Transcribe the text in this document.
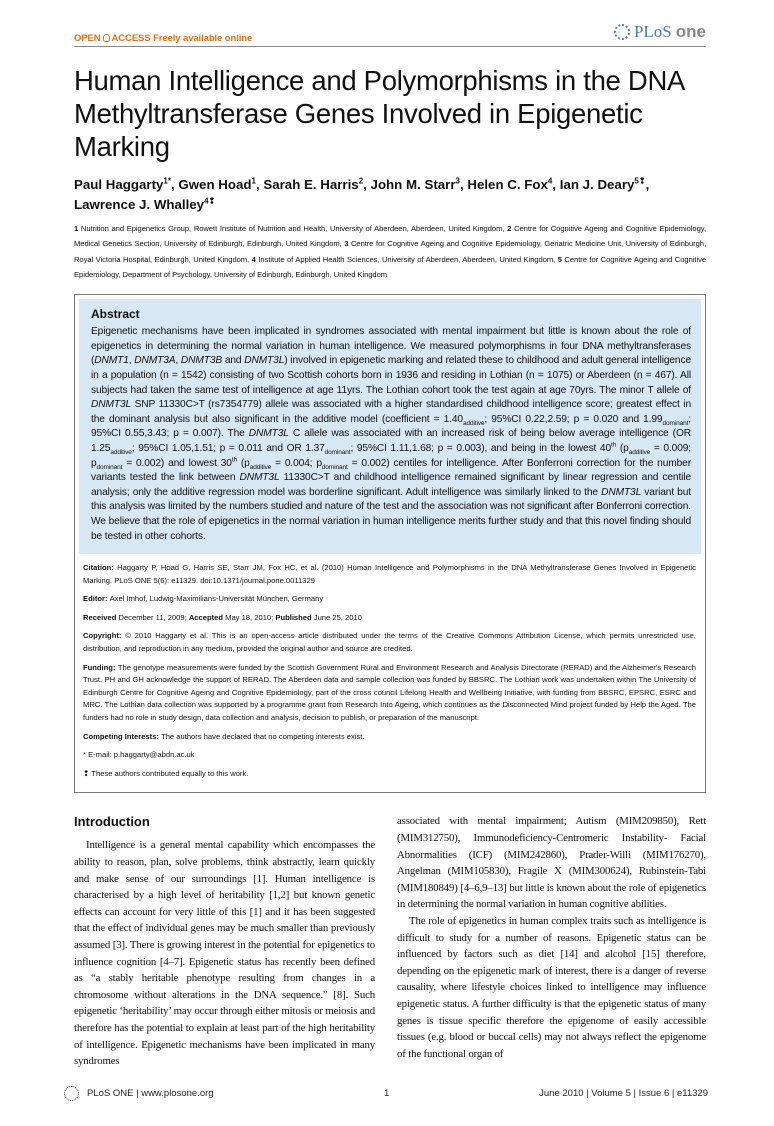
OPEN ACCESS Freely available online	PLoS one
Human Intelligence and Polymorphisms in the DNA Methyltransferase Genes Involved in Epigenetic Marking
Paul Haggarty$^{1*}$, Gwen Hoad$^1$, Sarah E. Harris$^2$, John M. Starr$^3$, Helen C. Fox$^4$, Ian J. Deary$^{5❢}$, Lawrence J. Whalley$^{4❢}$
1 Nutrition and Epigenetics Group, Rowett Institute of Nutrition and Health, University of Aberdeen, Aberdeen, United Kingdom, 2 Centre for Cognitive Ageing and Cognitive Epidemiology, Medical Genetics Section, University of Edinburgh, Edinburgh, United Kingdom, 3 Centre for Cognitive Ageing and Cognitive Epidemiology, Geriatric Medicine Unit, University of Edinburgh, Royal Victoria Hospital, Edinburgh, United Kingdom, 4 Institute of Applied Health Sciences, University of Aberdeen, Aberdeen, United Kingdom, 5 Centre for Cognitive Ageing and Cognitive Epidemiology, Department of Psychology, University of Edinburgh, Edinburgh, United Kingdom
Abstract
Epigenetic mechanisms have been implicated in syndromes associated with mental impairment but little is known about the role of epigenetics in determining the normal variation in human intelligence. We measured polymorphisms in four DNA methyltransferases (DNMT1, DNMT3A, DNMT3B and DNMT3L) involved in epigenetic marking and related these to childhood and adult general intelligence in a population (n = 1542) consisting of two Scottish cohorts born in 1936 and residing in Lothian (n = 1075) or Aberdeen (n = 467). All subjects had taken the same test of intelligence at age 11yrs. The Lothian cohort took the test again at age 70yrs. The minor T allele of DNMT3L SNP 11330C>T (rs7354779) allele was associated with a higher standardised childhood intelligence score; greatest effect in the dominant analysis but also significant in the additive model (coefficient = $1.40_{additive}$; 95%CI 0.22,2.59; p = 0.020 and $1.99_{dominant}$; 95%CI 0.55,3.43; p = 0.007). The DNMT3L C allele was associated with an increased risk of being below average intelligence (OR $1.25_{additive}$; 95%CI 1.05,1.51; p = 0.011 and OR $1.37_{dominant}$; 95%CI 1.11,1.68; p = 0.003), and being in the lowest 40th ($p_{additive} = 0.009$; $p_{dominant} = 0.002$) and lowest 30th ($p_{additive} = 0.004$; $p_{dominant} = 0.002$) centiles for intelligence. After Bonferroni correction for the number variants tested the link between DNMT3L 11330C>T and childhood intelligence remained significant by linear regression and centile analysis; only the additive regression model was borderline significant. Adult intelligence was similarly linked to the DNMT3L variant but this analysis was limited by the numbers studied and nature of the test and the association was not significant after Bonferroni correction. We believe that the role of epigenetics in the normal variation in human intelligence merits further study and that this novel finding should be tested in other cohorts.

Citation: Haggarty P, Hoad G, Harris SE, Starr JM, Fox HC, et al. (2010) Human Intelligence and Polymorphisms in the DNA Methyltransferase Genes Involved in Epigenetic Marking. PLoS ONE 5(6): e11329. doi:10.1371/journal.pone.0011329

Editor: Axel Imhof, Ludwig-Maximilians-Universität München, Germany

Received December 11, 2009; Accepted May 18, 2010; Published June 25, 2010

Copyright: © 2010 Haggarty et al. This is an open-access article distributed under the terms of the Creative Commons Attribution License, which permits unrestricted use, distribution, and reproduction in any medium, provided the original author and source are credited.

Funding: The genotype measurements were funded by the Scottish Government Rural and Environment Research and Analysis Directorate (RERAD) and the Alzheimer's Research Trust. PH and GH acknowledge the support of RERAD. The Aberdeen data and sample collection was funded by BBSRC. The Lothian work was undertaken within The University of Edinburgh Centre for Cognitive Ageing and Cognitive Epidemiology, part of the cross council Lifelong Health and Wellbeing Initiative, with funding from BBSRC, EPSRC, ESRC and MRC. The Lothian data collection was supported by a programme grant from Research Into Ageing, which continues as the Disconnected Mind project funded by Help the Aged. The funders had no role in study design, data collection and analysis, decision to publish, or preparation of the manuscript.

Competing Interests: The authors have declared that no competing interests exist.

* E-mail: p.haggarty@abdn.ac.uk

❢ These authors contributed equally to this work.

Introduction

Intelligence is a general mental capability which encompasses the ability to reason, plan, solve problems, think abstractly, learn quickly and make sense of our surroundings [1]. Human intelligence is characterised by a high level of heritability [1,2] but known genetic effects can account for very little of this [1] and it has been suggested that the effect of individual genes may be much smaller than previously assumed [3]. There is growing interest in the potential for epigenetics to influence cognition [4–7]. Epigenetic status has recently been defined as “a stably heritable phenotype resulting from changes in a chromosome without alterations in the DNA sequence.” [8]. Such epigenetic ‘heritability’ may occur through either mitosis or meiosis and therefore has the potential to explain at least part of the high heritability of intelligence. Epigenetic mechanisms have been implicated in many syndromes

associated with mental impairment; Autism (MIM209850), Rett (MIM312750), Immunodeficiency-Centromeric Instability- Facial Abnormalities (ICF) (MIM242860), Prader-Willi (MIM176270), Angelman (MIM105830), Fragile X (MIM300624), Rubinstein-Tabi (MIM180849) [4–6,9–13] but little is known about the role of epigenetics in determining the normal variation in human cognitive abilities.

The role of epigenetics in human complex traits such as intelligence is difficult to study for a number of reasons. Epigenetic status can be influenced by factors such as diet [14] and alcohol [15] therefore, depending on the epigenetic mark of interest, there is a danger of reverse causality, where lifestyle choices linked to intelligence may influence epigenetic status. A further difficulty is that the epigenetic status of many genes is tissue specific therefore the epigenome of easily accessible tissues (e.g. blood or buccal cells) may not always reflect the epigenome of the functional organ of

PLoS ONE | www.plosone.org	1	June 2010 | Volume 5 | Issue 6 | e11329
